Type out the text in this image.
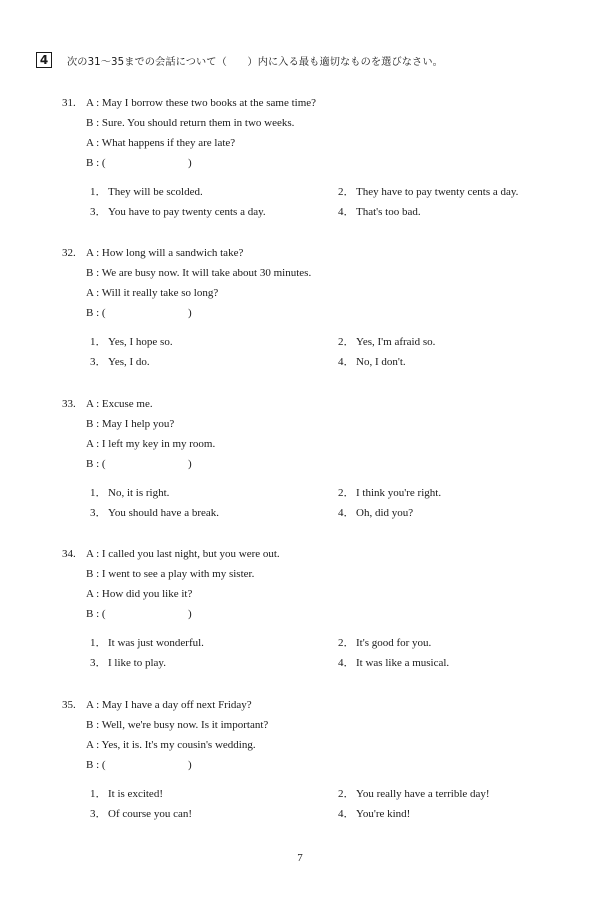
4	次の31～35までの会話について（　　）内に入る最も適切なものを選びなさい。
31. A : May I borrow these two books at the same time?
B : Sure. You should return them in two weeks.
A : What happens if they are late?
B : (                              )
1． They will be scolded.	2． They have to pay twenty cents a day.
3． You have to pay twenty cents a day.	4． That's too bad.
32. A : How long will a sandwich take?
B : We are busy now. It will take about 30 minutes.
A : Will it really take so long?
B : (                              )
1． Yes, I hope so.	2． Yes, I'm afraid so.
3． Yes, I do.	4． No, I don't.
33. A : Excuse me.
B : May I help you?
A : I left my key in my room.
B : (                              )
1． No, it is right.	2． I think you're right.
3． You should have a break.	4． Oh, did you?
34. A : I called you last night, but you were out.
B : I went to see a play with my sister.
A : How did you like it?
B : (                              )
1． It was just wonderful.	2． It's good for you.
3． I like to play.	4． It was like a musical.
35. A : May I have a day off next Friday?
B : Well, we're busy now. Is it important?
A : Yes, it is. It's my cousin's wedding.
B : (                              )
1． It is excited!	2． You really have a terrible day!
3． Of course you can!	4． You're kind!
7
